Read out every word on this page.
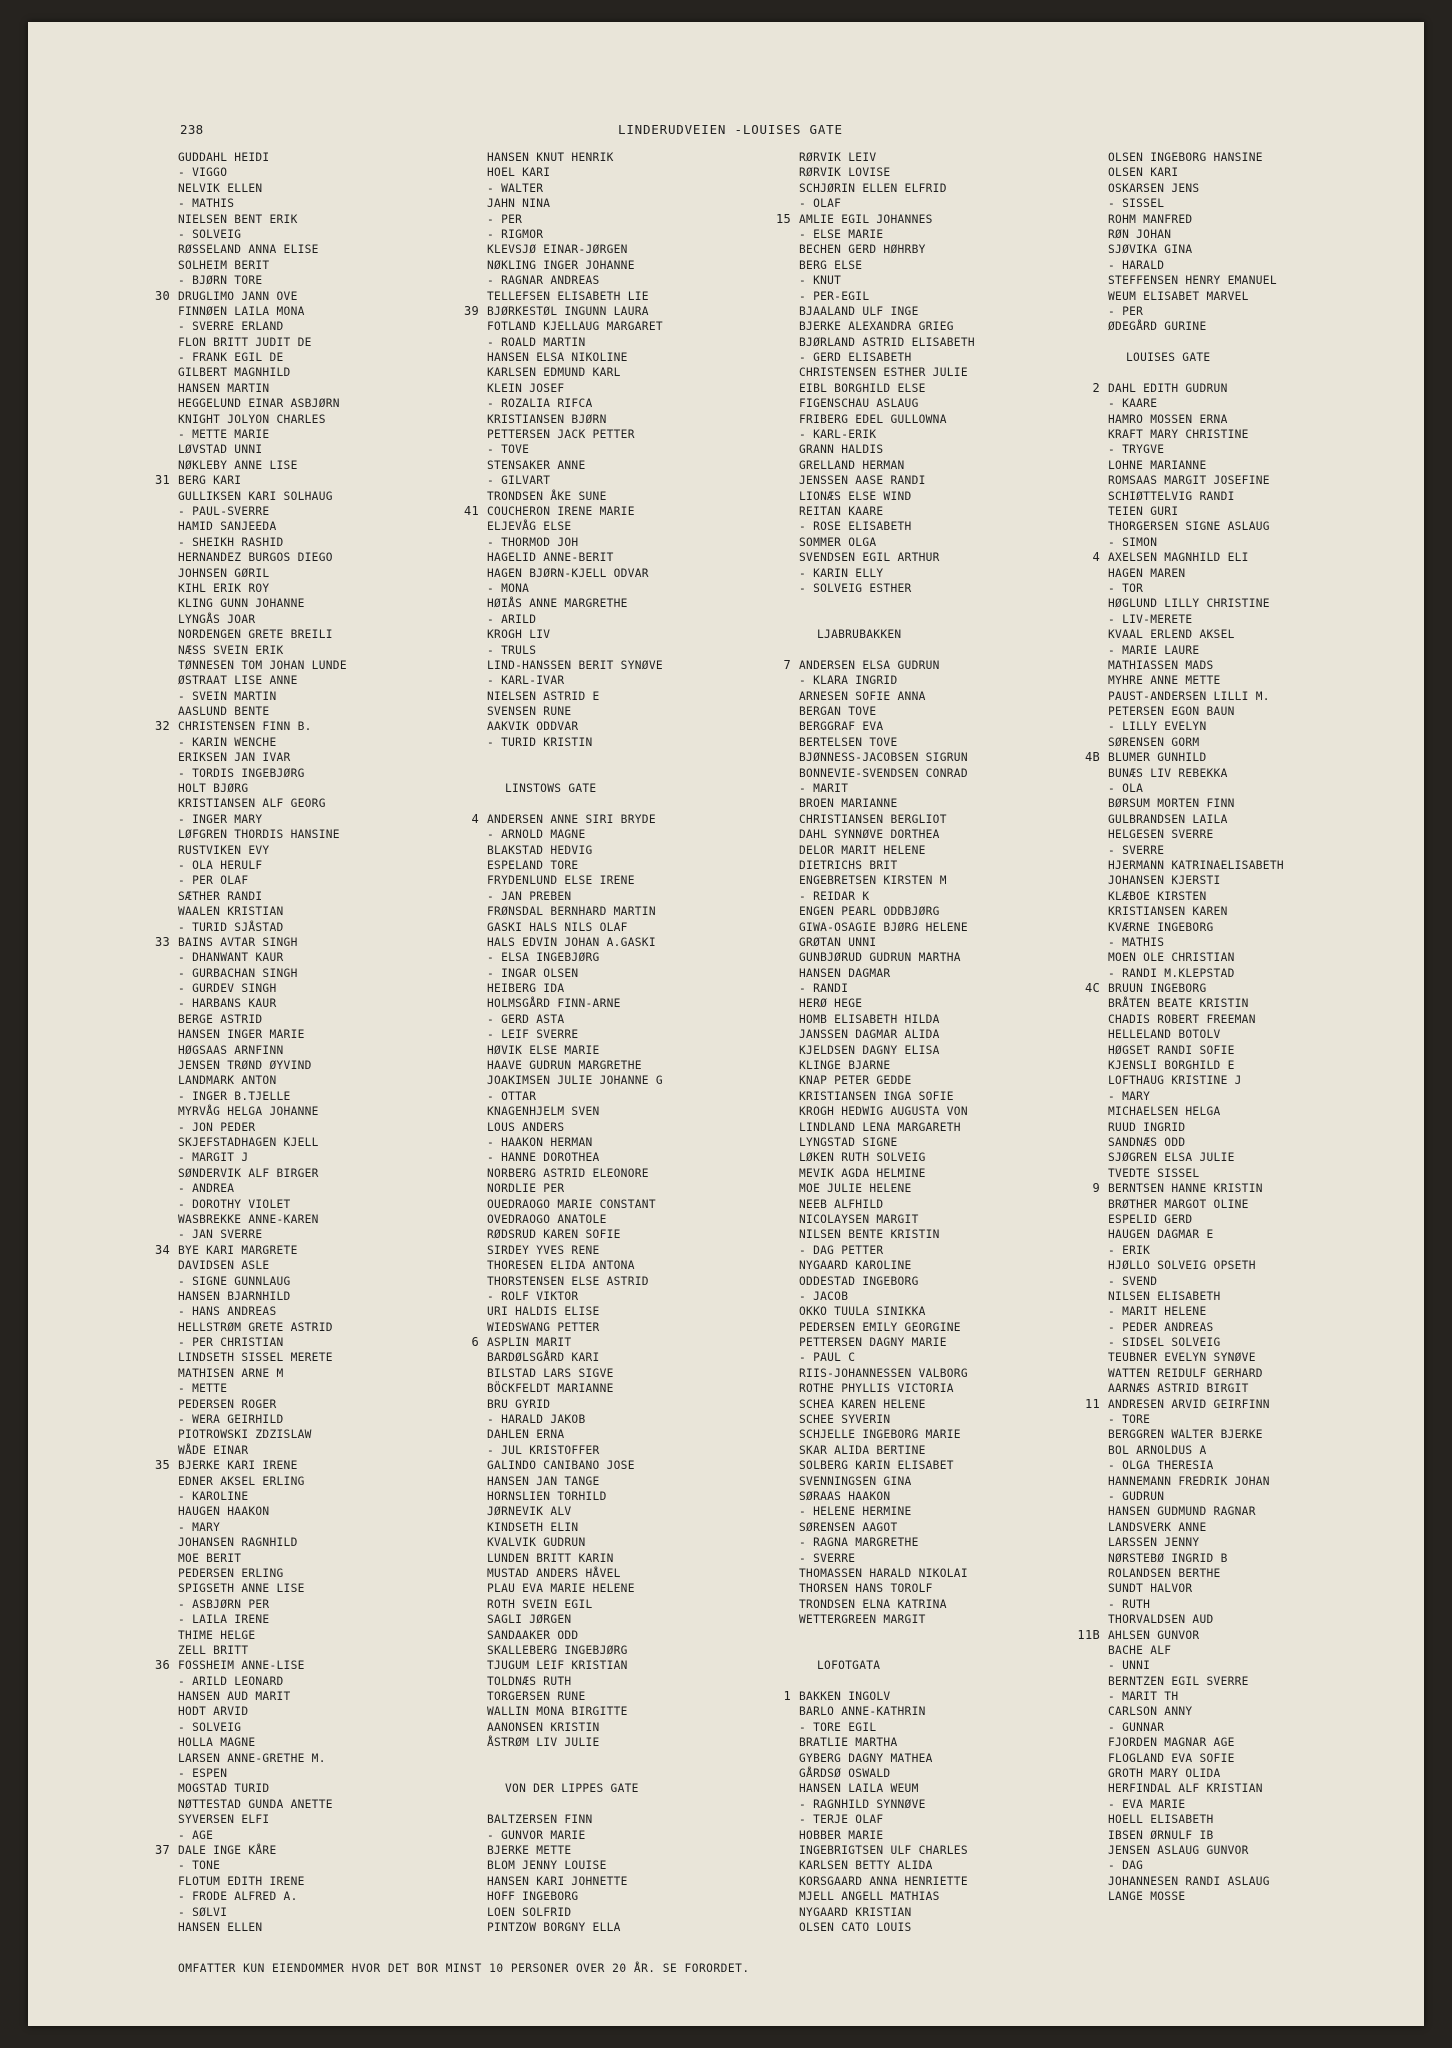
238	LINDERUDVEIEN -LOUISES GATE
GUDDAHL HEIDI
- VIGGO
NELVIK ELLEN
- MATHIS
NIELSEN BENT ERIK
- SOLVEIG
RØSSELAND ANNA ELISE
SOLHEIM BERIT
- BJØRN TORE
30 DRUGLIMO JANN OVE
FINNØEN LAILA MONA
- SVERRE ERLAND
FLON BRITT JUDIT DE
- FRANK EGIL DE
GILBERT MAGNHILD
HANSEN MARTIN
HEGGELUND EINAR ASBJØRN
KNIGHT JOLYON CHARLES
- METTE MARIE
LØVSTAD UNNI
NØKLEBY ANNE LISE
31 BERG KARI
GULLIKSEN KARI SOLHAUG
- PAUL-SVERRE
HAMID SANJEEDA
- SHEIKH RASHID
HERNANDEZ BURGOS DIEGO
JOHNSEN GØRIL
KIHL ERIK ROY
KLING GUNN JOHANNE
LYNGÅS JOAR
NORDENGEN GRETE BREILI
NÆSS SVEIN ERIK
TØNNESEN TOM JOHAN LUNDE
ØSTRAAT LISE ANNE
- SVEIN MARTIN
AASLUND BENTE
32 CHRISTENSEN FINN B.
- KARIN WENCHE
ERIKSEN JAN IVAR
- TORDIS INGEBJØRG
HOLT BJØRG
KRISTIANSEN ALF GEORG
- INGER MARY
LØFGREN THORDIS HANSINE
RUSTVIKEN EVY
- OLA HERULF
- PER OLAF
SÆTHER RANDI
WAALEN KRISTIAN
- TURID SJÅSTAD
33 BAINS AVTAR SINGH
- DHANWANT KAUR
- GURBACHAN SINGH
- GURDEV SINGH
- HARBANS KAUR
BERGE ASTRID
HANSEN INGER MARIE
HØGSAAS ARNFINN
JENSEN TRØND ØYVIND
LANDMARK ANTON
- INGER B.TJELLE
MYRVÅG HELGA JOHANNE
- JON PEDER
SKJEFSTADHAGEN KJELL
- MARGIT J
SØNDERVIK ALF BIRGER
- ANDREA
- DOROTHY VIOLET
WASBREKKE ANNE-KAREN
- JAN SVERRE
34 BYE KARI MARGRETE
DAVIDSEN ASLE
- SIGNE GUNNLAUG
HANSEN BJARNHILD
- HANS ANDREAS
HELLSTRØM GRETE ASTRID
- PER CHRISTIAN
LINDSETH SISSEL MERETE
MATHISEN ARNE M
- METTE
PEDERSEN ROGER
- WERA GEIRHILD
PIOTROWSKI ZDZISLAW
WÅDE EINAR
35 BJERKE KARI IRENE
EDNER AKSEL ERLING
- KAROLINE
HAUGEN HAAKON
- MARY
JOHANSEN RAGNHILD
MOE BERIT
PEDERSEN ERLING
SPIGSETH ANNE LISE
- ASBJØRN PER
- LAILA IRENE
THIME HELGE
ZELL BRITT
36 FOSSHEIM ANNE-LISE
- ARILD LEONARD
HANSEN AUD MARIT
HODT ARVID
- SOLVEIG
HOLLA MAGNE
LARSEN ANNE-GRETHE M.
- ESPEN
MOGSTAD TURID
NØTTESTAD GUNDA ANETTE
SYVERSEN ELFI
- AGE
37 DALE INGE KÅRE
- TONE
FLOTUM EDITH IRENE
- FRODE ALFRED A.
- SØLVI
HANSEN ELLEN
HANSEN KNUT HENRIK
HOEL KARI
- WALTER
JAHN NINA
- PER
- RIGMOR
KLEVSJØ EINAR-JØRGEN
NØKLING INGER JOHANNE
- RAGNAR ANDREAS
TELLEFSEN ELISABETH LIE
39 BJØRKESTØL INGUNN LAURA
FOTLAND KJELLAUG MARGARET
- ROALD MARTIN
HANSEN ELSA NIKOLINE
KARLSEN EDMUND KARL
KLEIN JOSEF
- ROZALIA RIFCA
KRISTIANSEN BJØRN
PETTERSEN JACK PETTER
- TOVE
STENSAKER ANNE
- GILVART
TRONDSEN ÅKE SUNE
41 COUCHERON IRENE MARIE
ELJEVÅG ELSE
- THORMOD JOH
HAGELID ANNE-BERIT
HAGEN BJØRN-KJELL ODVAR
- MONA
HØIÅS ANNE MARGRETHE
- ARILD
KROGH LIV
- TRULS
LIND-HANSSEN BERIT SYNØVE
- KARL-IVAR
NIELSEN ASTRID E
SVENSEN RUNE
AAKVIK ODDVAR
- TURID KRISTIN
LINSTOWS GATE
4 ANDERSEN ANNE SIRI BRYDE
- ARNOLD MAGNE
BLAKSTAD HEDVIG
ESPELAND TORE
FRYDENLUND ELSE IRENE
- JAN PREBEN
FRØNSDAL BERNHARD MARTIN
GASKI HALS NILS OLAF
HALS EDVIN JOHAN A.GASKI
- ELSA INGEBJØRG
- INGAR OLSEN
HEIBERG IDA
HOLMSGÅRD FINN-ARNE
- GERD ASTA
- LEIF SVERRE
HØVIK ELSE MARIE
HAAVE GUDRUN MARGRETHE
JOAKIMSEN JULIE JOHANNE G
- OTTAR
KNAGENHJELM SVEN
LOUS ANDERS
- HAAKON HERMAN
- HANNE DOROTHEA
NORBERG ASTRID ELEONORE
NORDLIE PER
OUEDRAOGO MARIE CONSTANT
OVEDRAOGO ANATOLE
RØDSRUD KAREN SOFIE
SIRDEY YVES RENE
THORESEN ELIDA ANTONA
THORSTENSEN ELSE ASTRID
- ROLF VIKTOR
URI HALDIS ELISE
WIEDSWANG PETTER
6 ASPLIN MARIT
BARDØLSGÅRD KARI
BILSTAD LARS SIGVE
BÖCKFELDT MARIANNE
BRU GYRID
- HARALD JAKOB
DAHLEN ERNA
- JUL KRISTOFFER
GALINDO CANIBANO JOSE
HANSEN JAN TANGE
HORNSLIEN TORHILD
JØRNEVIK ALV
KINDSETH ELIN
KVALVIK GUDRUN
LUNDEN BRITT KARIN
MUSTAD ANDERS HÅVEL
PLAU EVA MARIE HELENE
ROTH SVEIN EGIL
SAGLI JØRGEN
SANDAAKER ODD
SKALLEBERG INGEBJØRG
TJUGUM LEIF KRISTIAN
TOLDNÆS RUTH
TORGERSEN RUNE
WALLIN MONA BIRGITTE
AANONSEN KRISTIN
ÅSTRØM LIV JULIE
VON DER LIPPES GATE
BALTZERSEN FINN
- GUNVOR MARIE
BJERKE METTE
BLOM JENNY LOUISE
HANSEN KARI JOHNETTE
HOFF INGEBORG
LOEN SOLFRID
PINTZOW BORGNY ELLA
RØRVIK LEIV
RØRVIK LOVISE
SCHJØRIN ELLEN ELFRID
- OLAF
15 AMLIE EGIL JOHANNES
- ELSE MARIE
BECHEN GERD HØHRBY
BERG ELSE
- KNUT
- PER-EGIL
BJAALAND ULF INGE
BJERKE ALEXANDRA GRIEG
BJØRLAND ASTRID ELISABETH
- GERD ELISABETH
CHRISTENSEN ESTHER JULIE
EIBL BORGHILD ELSE
FIGENSCHAU ASLAUG
FRIBERG EDEL GULLOWNA
- KARL-ERIK
GRANN HALDIS
GRELLAND HERMAN
JENSSEN AASE RANDI
LIONÆS ELSE WIND
REITAN KAARE
- ROSE ELISABETH
SOMMER OLGA
SVENDSEN EGIL ARTHUR
- KARIN ELLY
- SOLVEIG ESTHER
LJABRUBAKKEN
7 ANDERSEN ELSA GUDRUN
- KLARA INGRID
ARNESEN SOFIE ANNA
BERGAN TOVE
BERGGRAF EVA
BERTELSEN TOVE
BJØNNESS-JACOBSEN SIGRUN
BONNEVIE-SVENDSEN CONRAD
- MARIT
BROEN MARIANNE
CHRISTIANSEN BERGLIOT
DAHL SYNNØVE DORTHEA
DELOR MARIT HELENE
DIETRICHS BRIT
ENGEBRETSEN KIRSTEN M
- REIDAR K
ENGEN PEARL ODDBJØRG
GIWA-OSAGIE BJØRG HELENE
GRØTAN UNNI
GUNBJØRUD GUDRUN MARTHA
HANSEN DAGMAR
- RANDI
HERØ HEGE
HOMB ELISABETH HILDA
JANSSEN DAGMAR ALIDA
KJELDSEN DAGNY ELISA
KLINGE BJARNE
KNAP PETER GEDDE
KRISTIANSEN INGA SOFIE
KROGH HEDWIG AUGUSTA VON
LINDLAND LENA MARGARETH
LYNGSTAD SIGNE
LØKEN RUTH SOLVEIG
MEVIK AGDA HELMINE
MOE JULIE HELENE
NEEB ALFHILD
NICOLAYSEN MARGIT
NILSEN BENTE KRISTIN
- DAG PETTER
NYGAARD KAROLINE
ODDESTAD INGEBORG
- JACOB
OKKO TUULA SINIKKA
PEDERSEN EMILY GEORGINE
PETTERSEN DAGNY MARIE
- PAUL C
RIIS-JOHANNESSEN VALBORG
ROTHE PHYLLIS VICTORIA
SCHEA KAREN HELENE
SCHEE SYVERIN
SCHJELLE INGEBORG MARIE
SKAR ALIDA BERTINE
SOLBERG KARIN ELISABET
SVENNINGSEN GINA
SØRAAS HAAKON
- HELENE HERMINE
SØRENSEN AAGOT
- RAGNA MARGRETHE
- SVERRE
THOMASSEN HARALD NIKOLAI
THORSEN HANS TOROLF
TRONDSEN ELNA KATRINA
WETTERGREEN MARGIT
LOFOTGATA
1 BAKKEN INGOLV
BARLO ANNE-KATHRIN
- TORE EGIL
BRATLIE MARTHA
GYBERG DAGNY MATHEA
GÅRDSØ OSWALD
HANSEN LAILA WEUM
- RAGNHILD SYNNØVE
- TERJE OLAF
HOBBER MARIE
INGEBRIGTSEN ULF CHARLES
KARLSEN BETTY ALIDA
KORSGAARD ANNA HENRIETTE
MJELL ANGELL MATHIAS
NYGAARD KRISTIAN
OLSEN CATO LOUIS
OLSEN INGEBORG HANSINE
OLSEN KARI
OSKARSEN JENS
- SISSEL
ROHM MANFRED
RØN JOHAN
SJØVIKA GINA
- HARALD
STEFFENSEN HENRY EMANUEL
WEUM ELISABET MARVEL
- PER
ØDEGÅRD GURINE
LOUISES GATE
2 DAHL EDITH GUDRUN
- KAARE
HAMRO MOSSEN ERNA
KRAFT MARY CHRISTINE
- TRYGVE
LOHNE MARIANNE
ROMSAAS MARGIT JOSEFINE
SCHIØTTELVIG RANDI
TEIEN GURI
THORGERSEN SIGNE ASLAUG
- SIMON
4 AXELSEN MAGNHILD ELI
HAGEN MAREN
- TOR
HØGLUND LILLY CHRISTINE
- LIV-MERETE
KVAAL ERLEND AKSEL
- MARIE LAURE
MATHIASSEN MADS
MYHRE ANNE METTE
PAUST-ANDERSEN LILLI M.
PETERSEN EGON BAUN
- LILLY EVELYN
SØRENSEN GORM
4B BLUMER GUNHILD
BUNÆS LIV REBEKKA
- OLA
BØRSUM MORTEN FINN
GULBRANDSEN LAILA
HELGESEN SVERRE
- SVERRE
HJERMANN KATRINAELISABETH
JOHANSEN KJERSTI
KLÆBOE KIRSTEN
KRISTIANSEN KAREN
KVÆRNE INGEBORG
- MATHIS
MOEN OLE CHRISTIAN
- RANDI M.KLEPSTAD
4C BRUUN INGEBORG
BRÅTEN BEATE KRISTIN
CHADIS ROBERT FREEMAN
HELLELAND BOTOLV
HØGSET RANDI SOFIE
KJENSLI BORGHILD E
LOFTHAUG KRISTINE J
- MARY
MICHAELSEN HELGA
RUUD INGRID
SANDNÆS ODD
SJØGREN ELSA JULIE
TVEDTE SISSEL
9 BERNTSEN HANNE KRISTIN
BRØTHER MARGOT OLINE
ESPELID GERD
HAUGEN DAGMAR E
- ERIK
HJØLLO SOLVEIG OPSETH
- SVEND
NILSEN ELISABETH
- MARIT HELENE
- PEDER ANDREAS
- SIDSEL SOLVEIG
TEUBNER EVELYN SYNØVE
WATTEN REIDULF GERHARD
AARNÆS ASTRID BIRGIT
11 ANDRESEN ARVID GEIRFINN
- TORE
BERGGREN WALTER BJERKE
BOL ARNOLDUS A
- OLGA THERESIA
HANNEMANN FREDRIK JOHAN
- GUDRUN
HANSEN GUDMUND RAGNAR
LANDSVERK ANNE
LARSSEN JENNY
NØRSTEBØ INGRID B
ROLANDSEN BERTHE
SUNDT HALVOR
- RUTH
THORVALDSEN AUD
11B AHLSEN GUNVOR
BACHE ALF
- UNNI
BERNTZEN EGIL SVERRE
- MARIT TH
CARLSON ANNY
- GUNNAR
FJORDEN MAGNAR AGE
FLOGLAND EVA SOFIE
GROTH MARY OLIDA
HERFINDAL ALF KRISTIAN
- EVA MARIE
HOELL ELISABETH
IBSEN ØRNULF IB
JENSEN ASLAUG GUNVOR
- DAG
JOHANNESEN RANDI ASLAUG
LANGE MOSSE
OMFATTER KUN EIENDOMMER HVOR DET BOR MINST 10 PERSONER OVER 20 ÅR. SE FORORDET.
